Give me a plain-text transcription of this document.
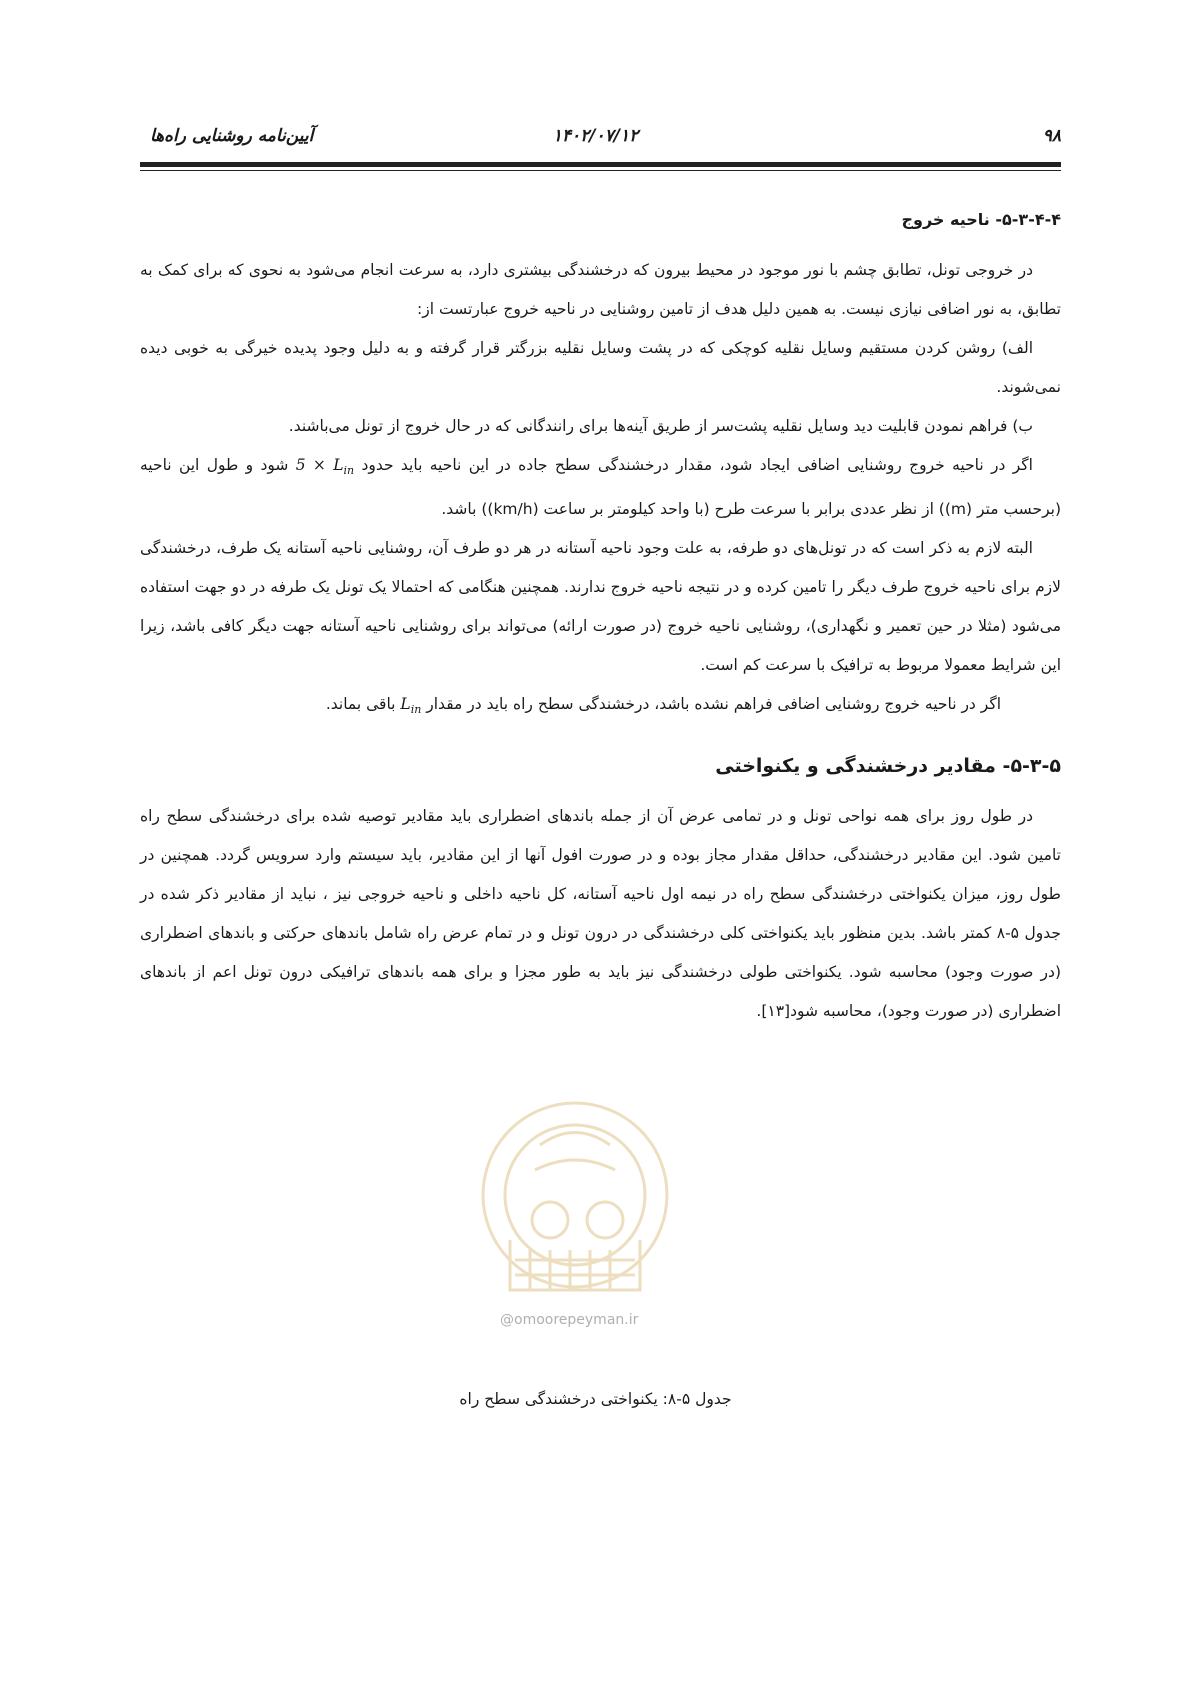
۹۸
۱۴۰۲/۰۷/۱۲
آیین‌نامه روشنایی راه‌ها
@omoorepeyman.ir
۵-۳-۴-۴- ناحیه خروج

در خروجی تونل، تطابق چشم با نور موجود در محیط بیرون که درخشندگی بیشتری دارد، به سرعت انجام می‌شود به نحوی که برای کمک به تطابق، به نور اضافی نیازی نیست. به همین دلیل هدف از تامین روشنایی در ناحیه خروج عبارتست از:

الف) روشن کردن مستقیم وسایل نقلیه کوچکی که در پشت وسایل نقلیه بزرگتر قرار گرفته و به دلیل وجود پدیده خیرگی به خوبی دیده نمی‌شوند.

ب) فراهم نمودن قابلیت دید وسایل نقلیه پشت‌سر از طریق آینه‌ها برای رانندگانی که در حال خروج از تونل می‌باشند.

اگر در ناحیه خروج روشنایی اضافی ایجاد شود، مقدار درخشندگی سطح جاده در این ناحیه باید حدود $5 \times L_{in}$ شود و طول این ناحیه (برحسب متر (m)) از نظر عددی برابر با سرعت طرح (با واحد کیلومتر بر ساعت (km/h)) باشد.

البته لازم به ذکر است که در تونل‌های دو طرفه، به علت وجود ناحیه آستانه در هر دو طرف آن، روشنایی ناحیه آستانه یک طرف، درخشندگی لازم برای ناحیه خروج طرف دیگر را تامین کرده و در نتیجه ناحیه خروج ندارند. همچنین هنگامی که احتمالا یک تونل یک طرفه در دو جهت استفاده می‌شود (مثلا در حین تعمیر و نگهداری)، روشنایی ناحیه خروج (در صورت ارائه) می‌تواند برای روشنایی ناحیه آستانه جهت دیگر کافی باشد، زیرا این شرایط معمولا مربوط به ترافیک با سرعت کم است.

اگر در ناحیه خروج روشنایی اضافی فراهم نشده باشد، درخشندگی سطح راه باید در مقدار $L_{in}$ باقی بماند.

۵-۳-۵- مقادیر درخشندگی و یکنواختی

در طول روز برای همه نواحی تونل و در تمامی عرض آن از جمله باندهای اضطراری باید مقادیر توصیه شده برای درخشندگی سطح راه تامین شود. این مقادیر درخشندگی، حداقل مقدار مجاز بوده و در صورت افول آنها از این مقادیر، باید سیستم وارد سرویس گردد. همچنین در طول روز، میزان یکنواختی درخشندگی سطح راه در نیمه اول ناحیه آستانه، کل ناحیه داخلی و ناحیه خروجی نیز ، نباید از مقادیر ذکر شده در جدول ۵-۸ کمتر باشد. بدین منظور باید یکنواختی کلی درخشندگی در درون تونل و در تمام عرض راه شامل باندهای حرکتی و باندهای اضطراری (در صورت وجود) محاسبه شود. یکنواختی طولی درخشندگی نیز باید به طور مجزا و برای همه باندهای ترافیکی درون تونل اعم از باندهای اضطراری (در صورت وجود)، محاسبه شود[۱۳].

جدول ۵-۸: یکنواختی درخشندگی سطح راه
